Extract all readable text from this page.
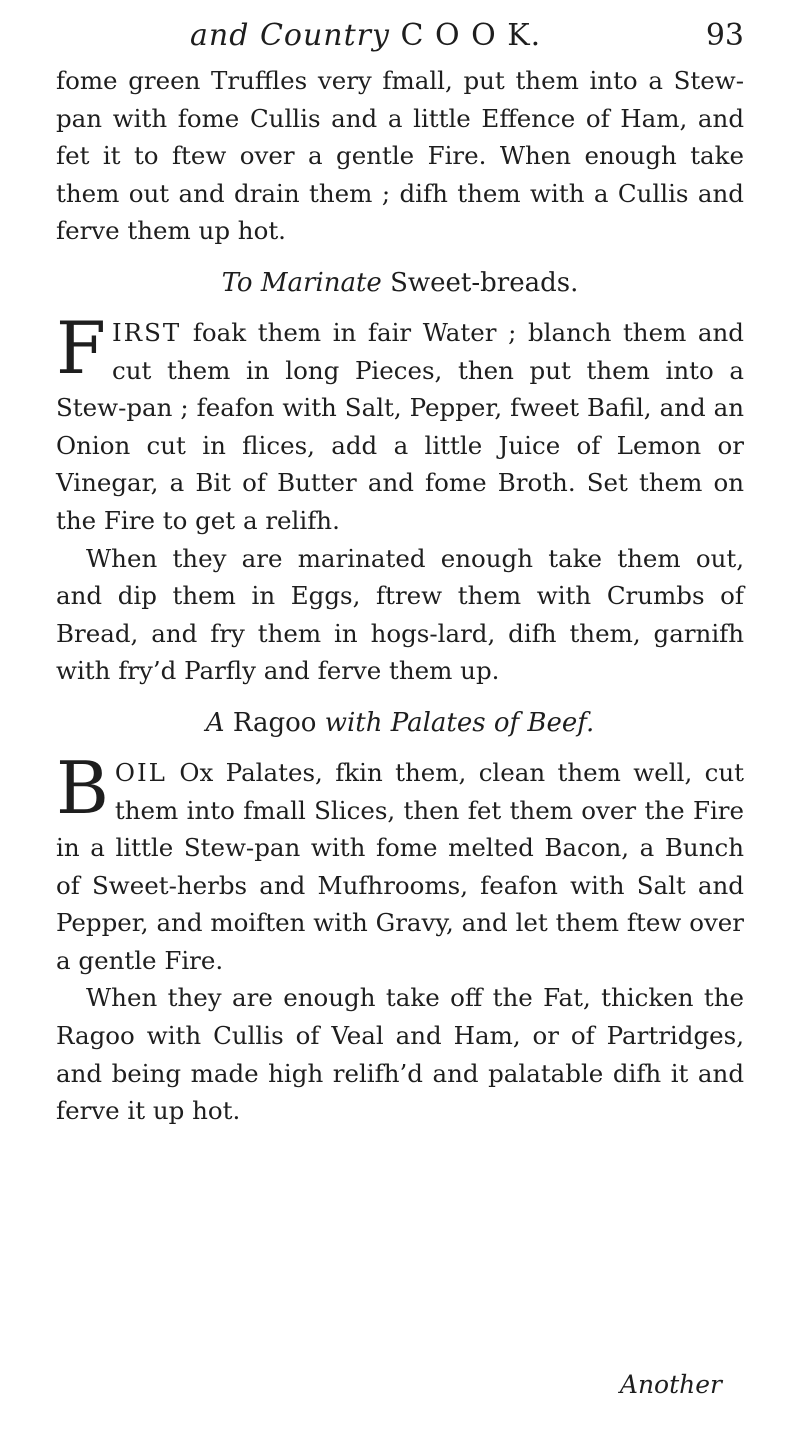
and Country C O O K.	93

fome green Truffles very fmall, put them into a Stew-pan with fome Cullis and a little Effence of Ham, and fet it to ftew over a gentle Fire. When enough take them out and drain them ; difh them with a Cullis and ferve them up hot.

To Marinate Sweet-breads.

FIRST foak them in fair Water ; blanch them and cut them in long Pieces, then put them into a Stew-pan ; feafon with Salt, Pepper, fweet Bafil, and an Onion cut in flices, add a little Juice of Lemon or Vinegar, a Bit of Butter and fome Broth. Set them on the Fire to get a relifh.

When they are marinated enough take them out, and dip them in Eggs, ftrew them with Crumbs of Bread, and fry them in hogs-lard, difh them, garnifh with fry’d Parfly and ferve them up.

A Ragoo with Palates of Beef.

BOIL Ox Palates, fkin them, clean them well, cut them into fmall Slices, then fet them over the Fire in a little Stew-pan with fome melted Bacon, a Bunch of Sweet-herbs and Mufhrooms, feafon with Salt and Pepper, and moiften with Gravy, and let them ftew over a gentle Fire.

When they are enough take off the Fat, thicken the Ragoo with Cullis of Veal and Ham, or of Partridges, and being made high relifh’d and palatable difh it and ferve it up hot.

Another
